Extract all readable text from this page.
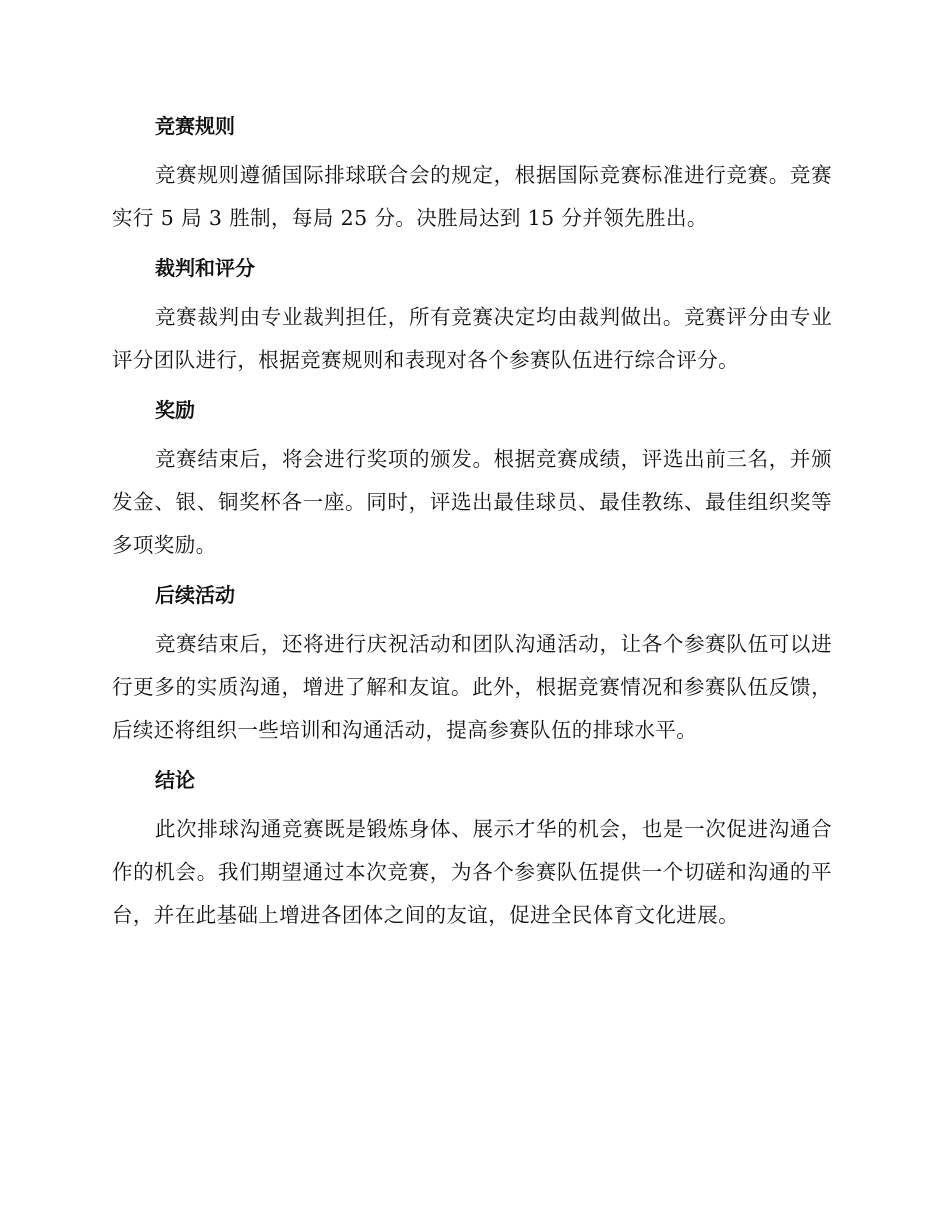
竞赛规则

竞赛规则遵循国际排球联合会的规定，根据国际竞赛标准进行竞赛。竞赛实行 5 局 3 胜制，每局 25 分。决胜局达到 15 分并领先胜出。

裁判和评分

竞赛裁判由专业裁判担任，所有竞赛决定均由裁判做出。竞赛评分由专业评分团队进行，根据竞赛规则和表现对各个参赛队伍进行综合评分。

奖励

竞赛结束后，将会进行奖项的颁发。根据竞赛成绩，评选出前三名，并颁发金、银、铜奖杯各一座。同时，评选出最佳球员、最佳教练、最佳组织奖等多项奖励。

后续活动

竞赛结束后，还将进行庆祝活动和团队沟通活动，让各个参赛队伍可以进行更多的实质沟通，增进了解和友谊。此外，根据竞赛情况和参赛队伍反馈，后续还将组织一些培训和沟通活动，提高参赛队伍的排球水平。

结论

此次排球沟通竞赛既是锻炼身体、展示才华的机会，也是一次促进沟通合作的机会。我们期望通过本次竞赛，为各个参赛队伍提供一个切磋和沟通的平台，并在此基础上增进各团体之间的友谊，促进全民体育文化进展。
